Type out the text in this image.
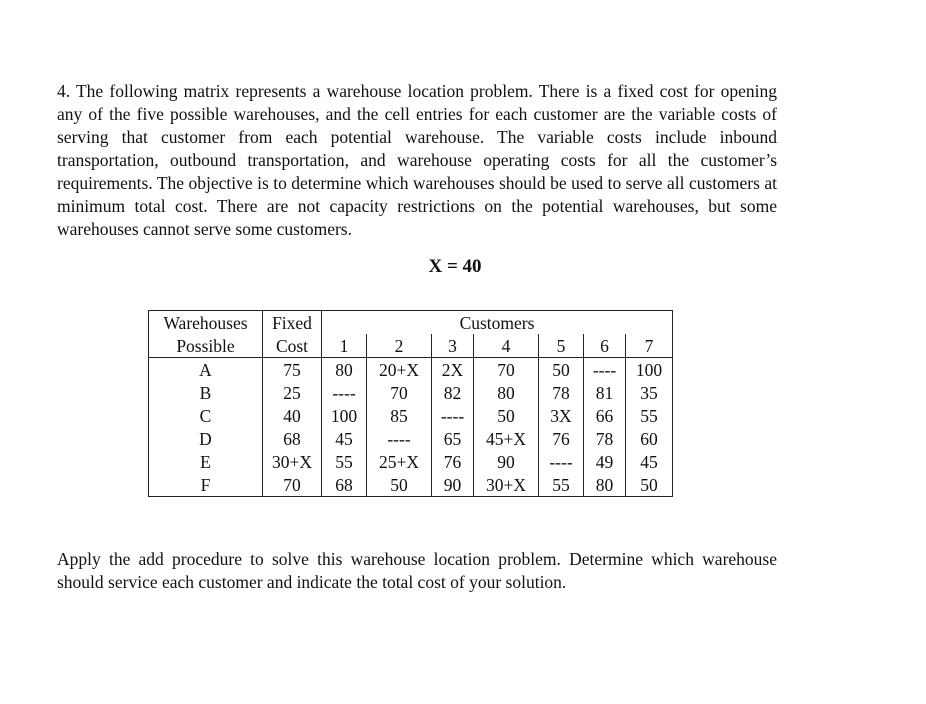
4. The following matrix represents a warehouse location problem. There is a fixed cost for opening any of the five possible warehouses, and the cell entries for each customer are the variable costs of serving that customer from each potential warehouse. The variable costs include inbound transportation, outbound transportation, and warehouse operating costs for all the customer’s requirements. The objective is to determine which warehouses should be used to serve all customers at minimum total cost. There are not capacity restrictions on the potential warehouses, but some warehouses cannot serve some customers.

X = 40
Warehouses	Fixed	Customers						
Possible	Cost	1	2	3	4	5	6	7
A	75	80	20+X	2X	70	50	----	100
B	25	----	70	82	80	78	81	35
C	40	100	85	----	50	3X	66	55
D	68	45	----	65	45+X	76	78	60
E	30+X	55	25+X	76	90	----	49	45
F	70	68	50	90	30+X	55	80	50

Apply the add procedure to solve this warehouse location problem. Determine which warehouse should service each customer and indicate the total cost of your solution.
